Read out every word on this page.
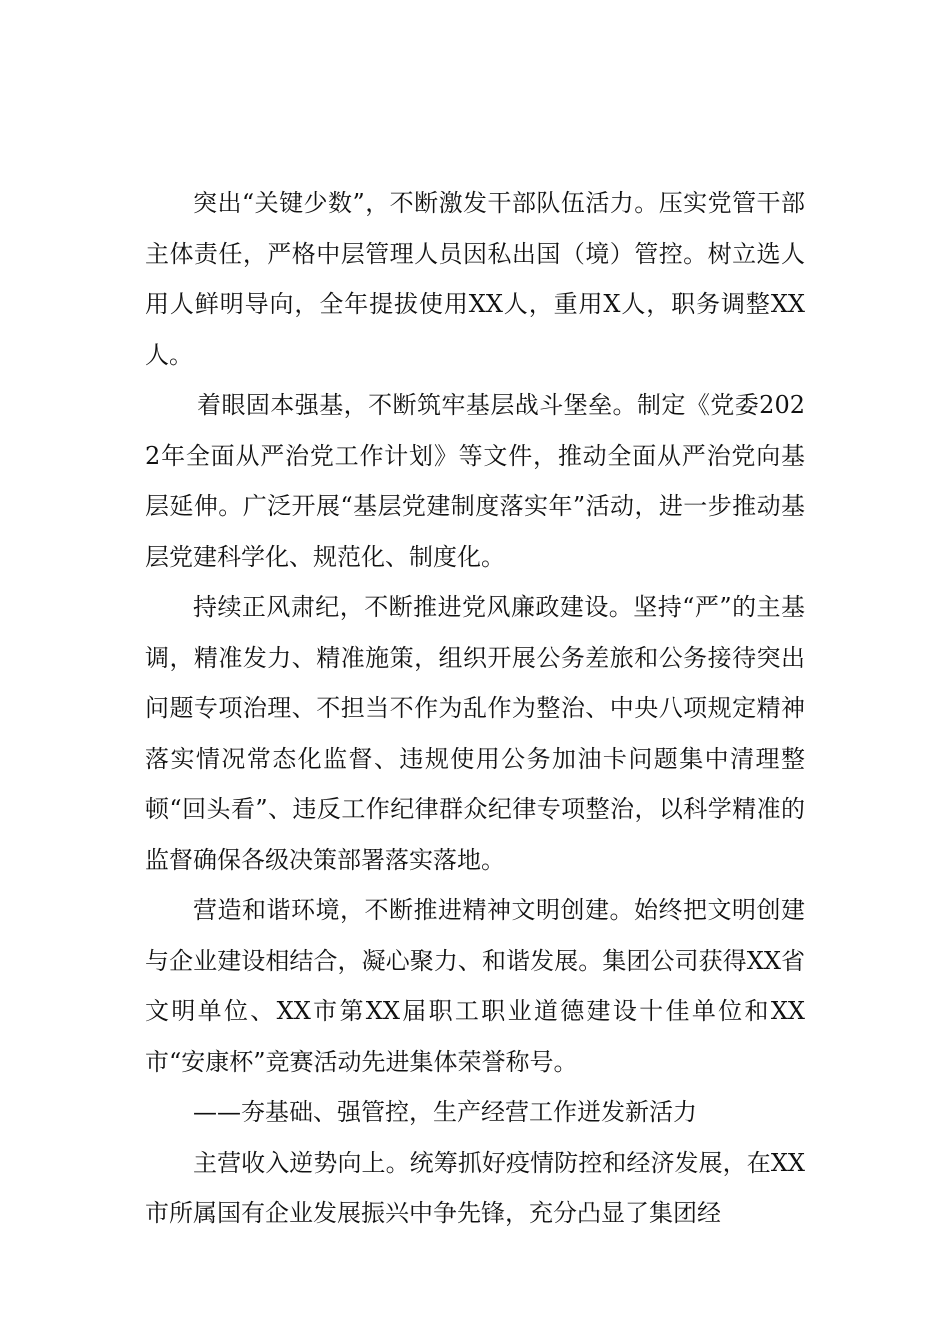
突出“关键少数”，不断激发干部队伍活力。压实党管干部主体责任，严格中层管理人员因私出国（境）管控。树立选人用人鲜明导向，全年提拔使用XX人，重用X人，职务调整XX人。

着眼固本强基，不断筑牢基层战斗堡垒。制定《党委2022年全面从严治党工作计划》等文件，推动全面从严治党向基层延伸。广泛开展“基层党建制度落实年”活动，进一步推动基层党建科学化、规范化、制度化。

持续正风肃纪，不断推进党风廉政建设。坚持“严”的主基调，精准发力、精准施策，组织开展公务差旅和公务接待突出问题专项治理、不担当不作为乱作为整治、中央八项规定精神落实情况常态化监督、违规使用公务加油卡问题集中清理整顿“回头看”、违反工作纪律群众纪律专项整治，以科学精准的监督确保各级决策部署落实落地。

营造和谐环境，不断推进精神文明创建。始终把文明创建与企业建设相结合，凝心聚力、和谐发展。集团公司获得XX省文明单位、XX市第XX届职工职业道德建设十佳单位和XX市“安康杯”竞赛活动先进集体荣誉称号。

——夯基础、强管控，生产经营工作迸发新活力

主营收入逆势向上。统筹抓好疫情防控和经济发展，在XX市所属国有企业发展振兴中争先锋，充分凸显了集团经
